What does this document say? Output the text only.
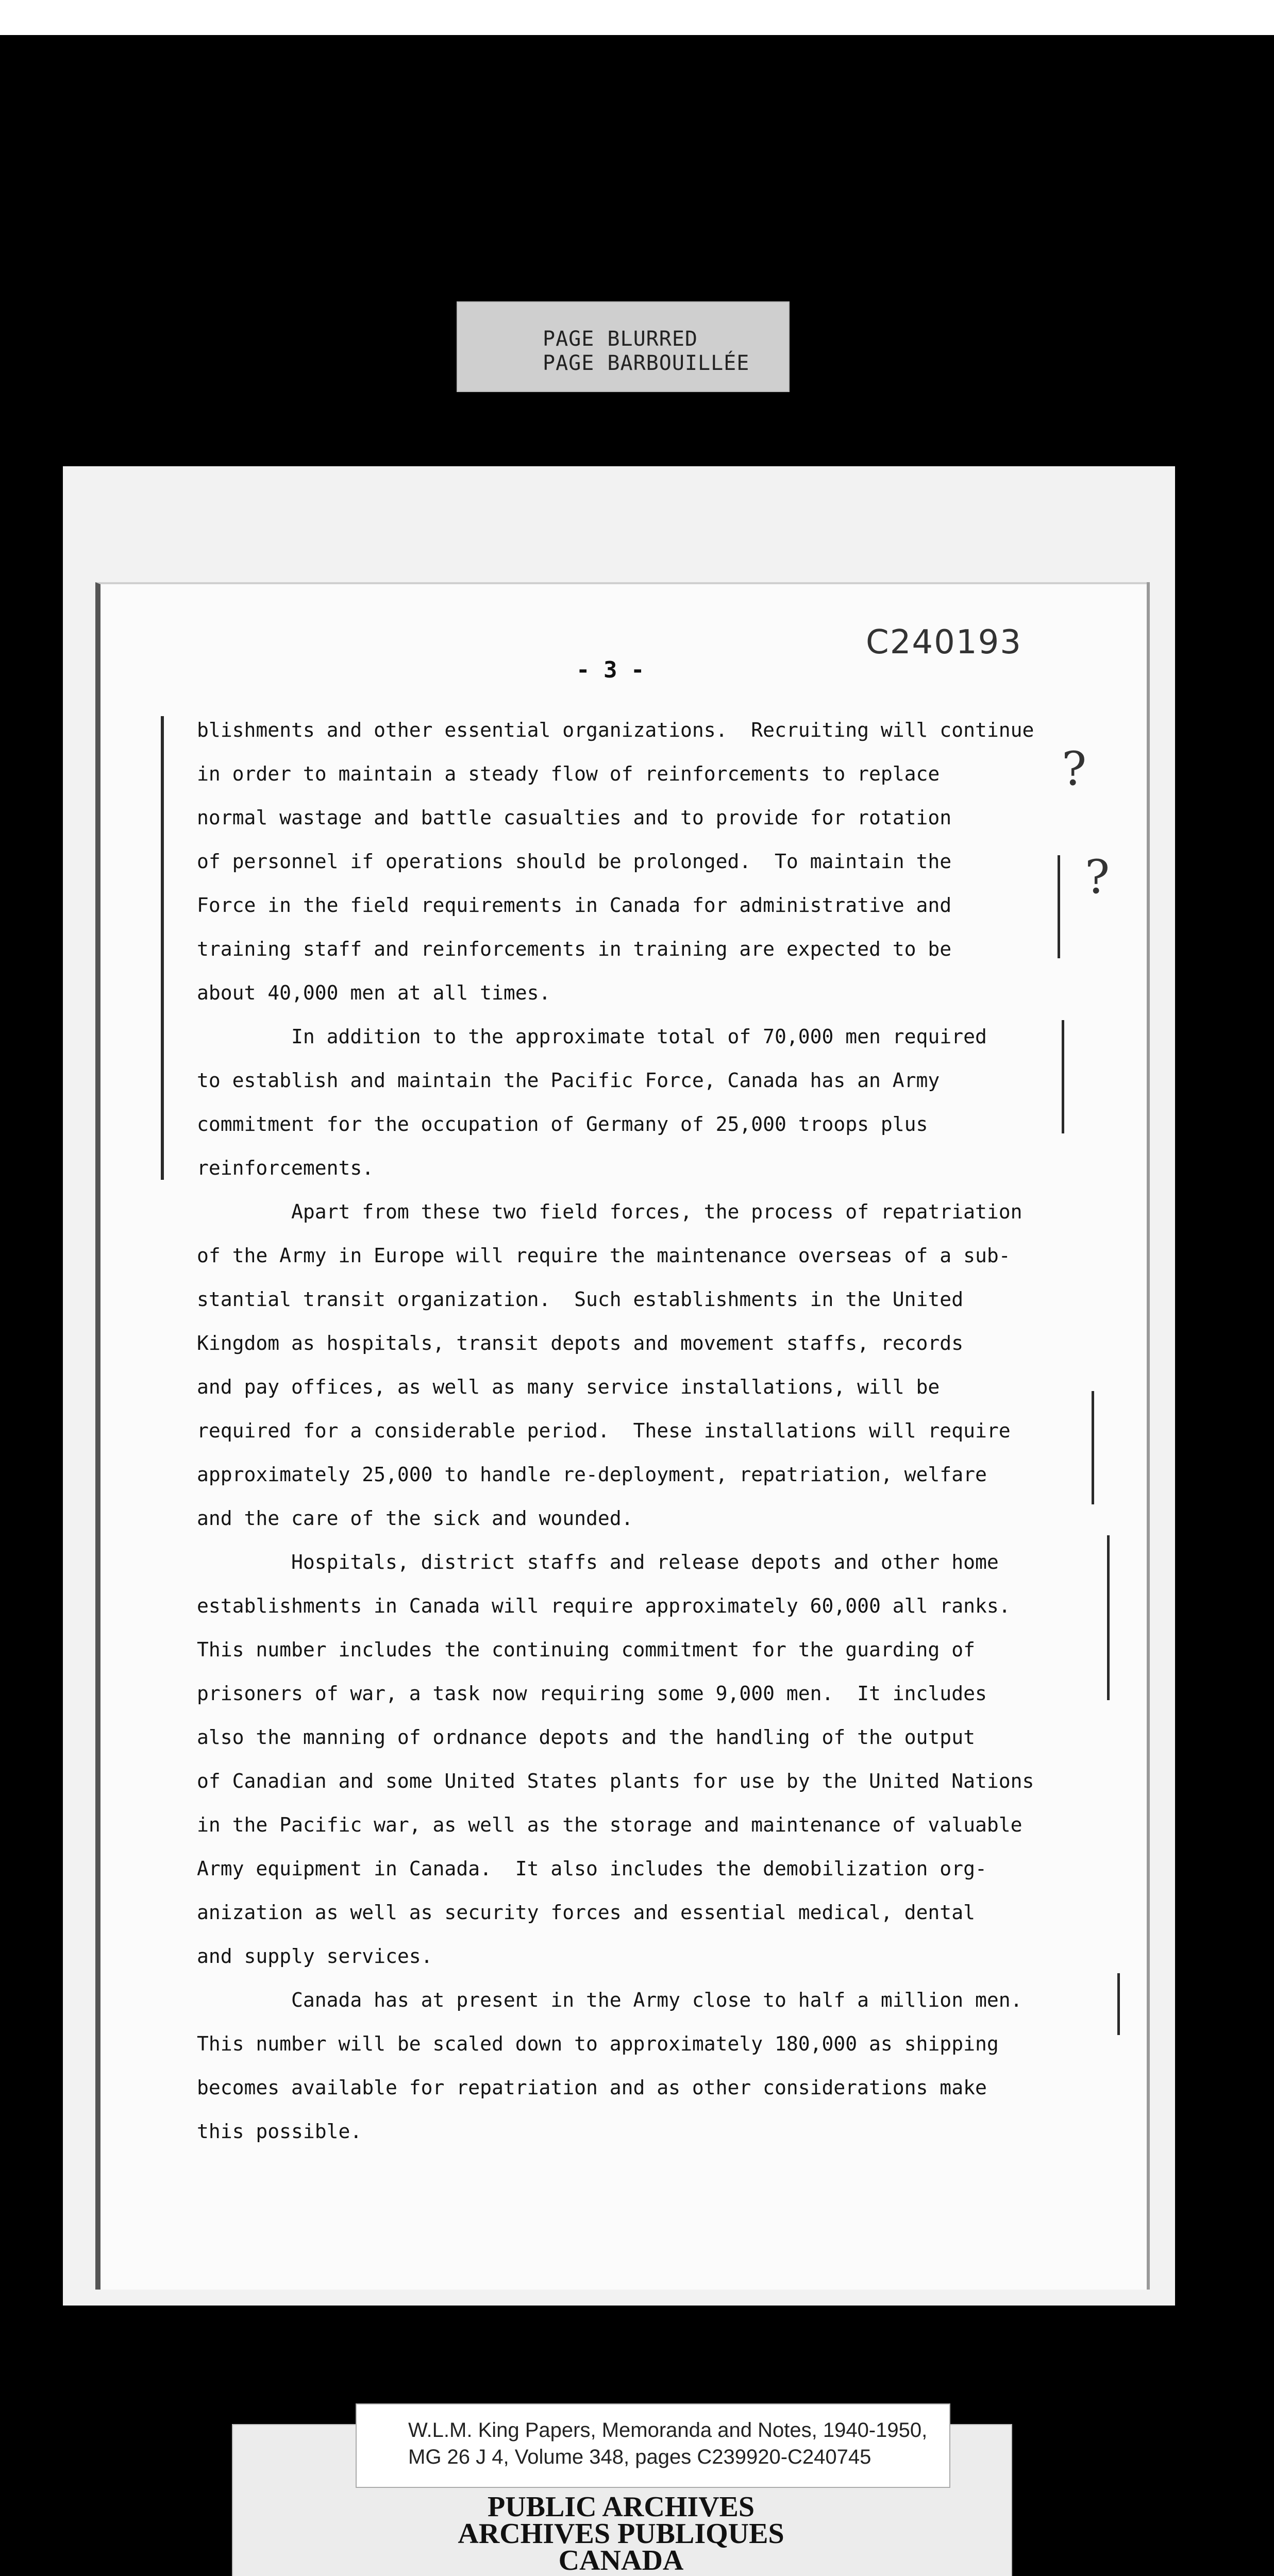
PAGE BLURRED
PAGE BARBOUILLÉE
C240193
- 3 -
blishments and other essential organizations.  Recruiting will continue
in order to maintain a steady flow of reinforcements to replace
normal wastage and battle casualties and to provide for rotation
of personnel if operations should be prolonged.  To maintain the
Force in the field requirements in Canada for administrative and
training staff and reinforcements in training are expected to be
about 40,000 men at all times.
In addition to the approximate total of 70,000 men required
to establish and maintain the Pacific Force, Canada has an Army
commitment for the occupation of Germany of 25,000 troops plus
reinforcements.
Apart from these two field forces, the process of repatriation
of the Army in Europe will require the maintenance overseas of a sub-
stantial transit organization.  Such establishments in the United
Kingdom as hospitals, transit depots and movement staffs, records
and pay offices, as well as many service installations, will be
required for a considerable period.  These installations will require
approximately 25,000 to handle re-deployment, repatriation, welfare
and the care of the sick and wounded.
Hospitals, district staffs and release depots and other home
establishments in Canada will require approximately 60,000 all ranks.
This number includes the continuing commitment for the guarding of
prisoners of war, a task now requiring some 9,000 men.  It includes
also the manning of ordnance depots and the handling of the output
of Canadian and some United States plants for use by the United Nations
in the Pacific war, as well as the storage and maintenance of valuable
Army equipment in Canada.  It also includes the demobilization org-
anization as well as security forces and essential medical, dental
and supply services.
Canada has at present in the Army close to half a million men.
This number will be scaled down to approximately 180,000 as shipping
becomes available for repatriation and as other considerations make
this possible.
?
?
W.L.M. King Papers, Memoranda and Notes, 1940-1950,
MG 26 J 4, Volume 348, pages C239920-C240745
PUBLIC ARCHIVES
ARCHIVES PUBLIQUES
CANADA
